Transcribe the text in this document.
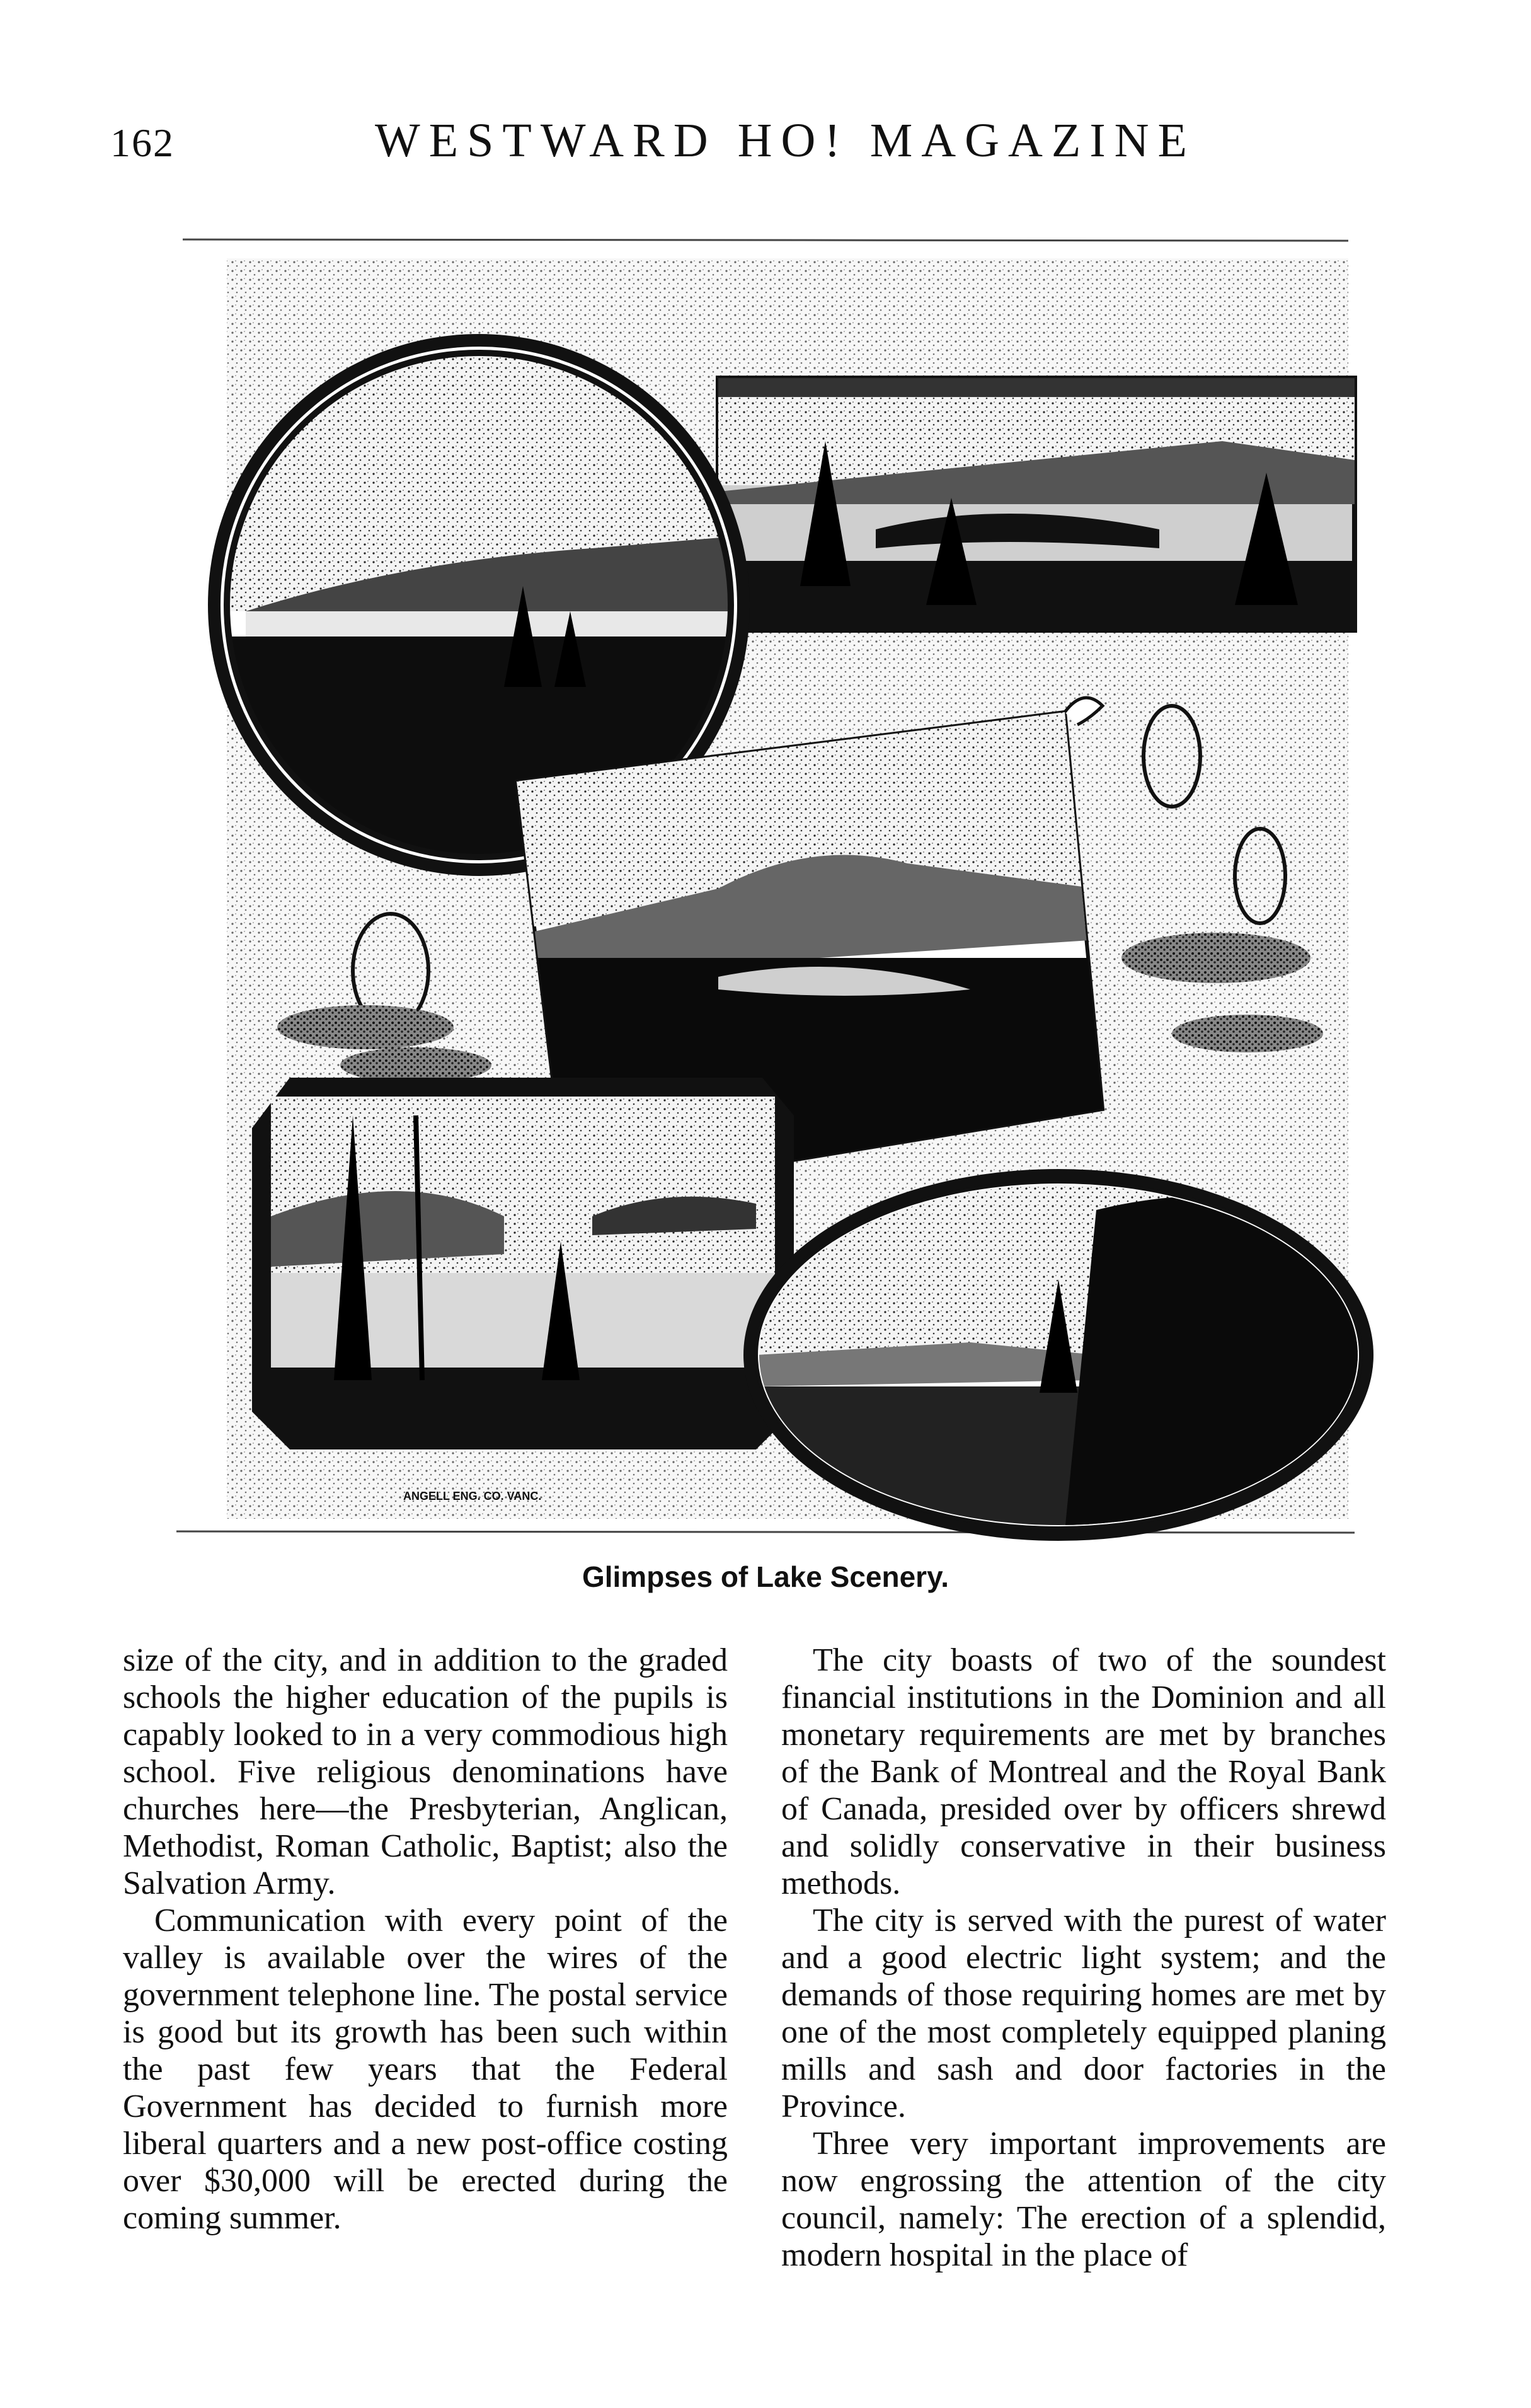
162	WESTWARD HO! MAGAZINE
ANGELL ENG. CO. VANC.
Glimpses of Lake Scenery.

size of the city, and in addition to the graded schools the higher education of the pupils is capably looked to in a very commodious high school. Five religious denominations have churches here—the Presbyterian, Anglican, Methodist, Roman Catholic, Baptist; also the Salvation Army.

Communication with every point of the valley is available over the wires of the government telephone line. The postal service is good but its growth has been such within the past few years that the Federal Government has decided to furnish more liberal quarters and a new post-office costing over $30,000 will be erected during the coming summer.

The city boasts of two of the soundest financial institutions in the Dominion and all monetary requirements are met by branches of the Bank of Montreal and the Royal Bank of Canada, presided over by officers shrewd and solidly conservative in their business methods.

The city is served with the purest of water and a good electric light system; and the demands of those requiring homes are met by one of the most completely equipped planing mills and sash and door factories in the Province.

Three very important improvements are now engrossing the attention of the city council, namely: The erection of a splendid, modern hospital in the place of
